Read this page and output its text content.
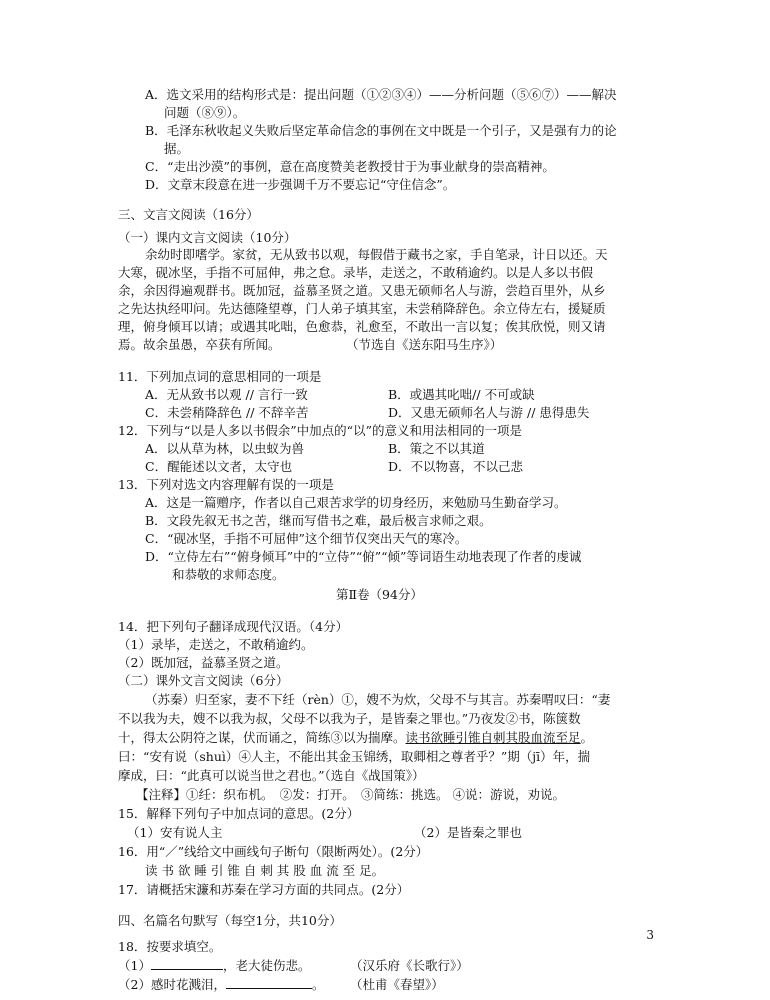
A．选文采用的结构形式是：提出问题（①②③④）——分析问题（⑤⑥⑦）——解决
问题（⑧⑨）。
B．毛泽东秋收起义失败后坚定革命信念的事例在文中既是一个引子，又是强有力的论
据。
C．“走出沙漠”的事例，意在高度赞美老教授甘于为事业献身的崇高精神。
D．文章末段意在进一步强调千万不要忘记“守住信念”。
三、文言文阅读（16分）
（一）课内文言文阅读（10分）
余幼时即嗜学。家贫，无从致书以观，每假借于藏书之家，手自笔录，计日以还。天
大寒，砚冰坚，手指不可屈伸，弗之怠。录毕，走送之，不敢稍逾约。以是人多以书假
余，余因得遍观群书。既加冠，益慕圣贤之道。又患无硕师名人与游，尝趋百里外，从乡
之先达执经叩问。先达德隆望尊，门人弟子填其室，未尝稍降辞色。余立侍左右，援疑质
理，俯身倾耳以请；或遇其叱咄，色愈恭，礼愈至，不敢出一言以复；俟其欣悦，则又请
焉。故余虽愚，卒获有所闻。	（节选自《送东阳马生序》）
11．下列加点词的意思相同的一项是
A．无从致书以观 // 言行一致	B．或遇其叱咄// 不可或缺
C．未尝稍降辞色 // 不辞辛苦	D．又患无硕师名人与游 // 患得患失
12．下列与“以是人多以书假余”中加点的“以”的意义和用法相同的一项是
A．以从草为林，以虫蚁为兽	B．策之不以其道
C．醒能述以文者，太守也	D．不以物喜，不以己悲
13．下列对选文内容理解有误的一项是
A．这是一篇赠序，作者以自己艰苦求学的切身经历，来勉励马生勤奋学习。
B．文段先叙无书之苦，继而写借书之难，最后极言求师之艰。
C．“砚冰坚，手指不可屈伸”这个细节仅突出天气的寒冷。
D．“立侍左右”“俯身倾耳”中的“立侍”“俯”“倾”等词语生动地表现了作者的虔诚
和恭敬的求师态度。
第Ⅱ卷（94分）
14．把下列句子翻译成现代汉语。（4分）
（1）录毕，走送之，不敢稍逾约。
（2）既加冠，益慕圣贤之道。
（二）课外文言文阅读（6分）
（苏秦）归至家，妻不下纴（rèn）①，嫂不为炊，父母不与其言。苏秦喟叹曰：“妻
不以我为夫，嫂不以我为叔，父母不以我为子，是皆秦之罪也。”乃夜发②书，陈箧数
十，得太公阴符之谋，伏而诵之，简练③以为揣摩。读书欲睡引锥自刺其股血流至足。
曰：“安有说（shuì）④人主，不能出其金玉锦绣，取卿相之尊者乎？”期（jī）年，揣
摩成，曰：“此真可以说当世之君也。”（选自《战国策》）
【注释】①纴：织布机。　②发：打开。　③简练：挑选。 ④说：游说，劝说。
15．解释下列句子中加点词的意思。(2分）
（1）安有说人主	（2）是皆秦之罪也
16．用“／”线给文中画线句子断句（限断两处）。(2分）
读 书 欲 睡 引 锥 自 刺 其 股 血 流 至 足。
17．请概括宋濂和苏秦在学习方面的共同点。(2分）
四、名篇名句默写（每空1分，共10分）
18．按要求填空。
（1）	，老大徒伤悲。	（汉乐府《长歌行》）
（2）感时花溅泪，	。 （杜甫《春望》）
3
